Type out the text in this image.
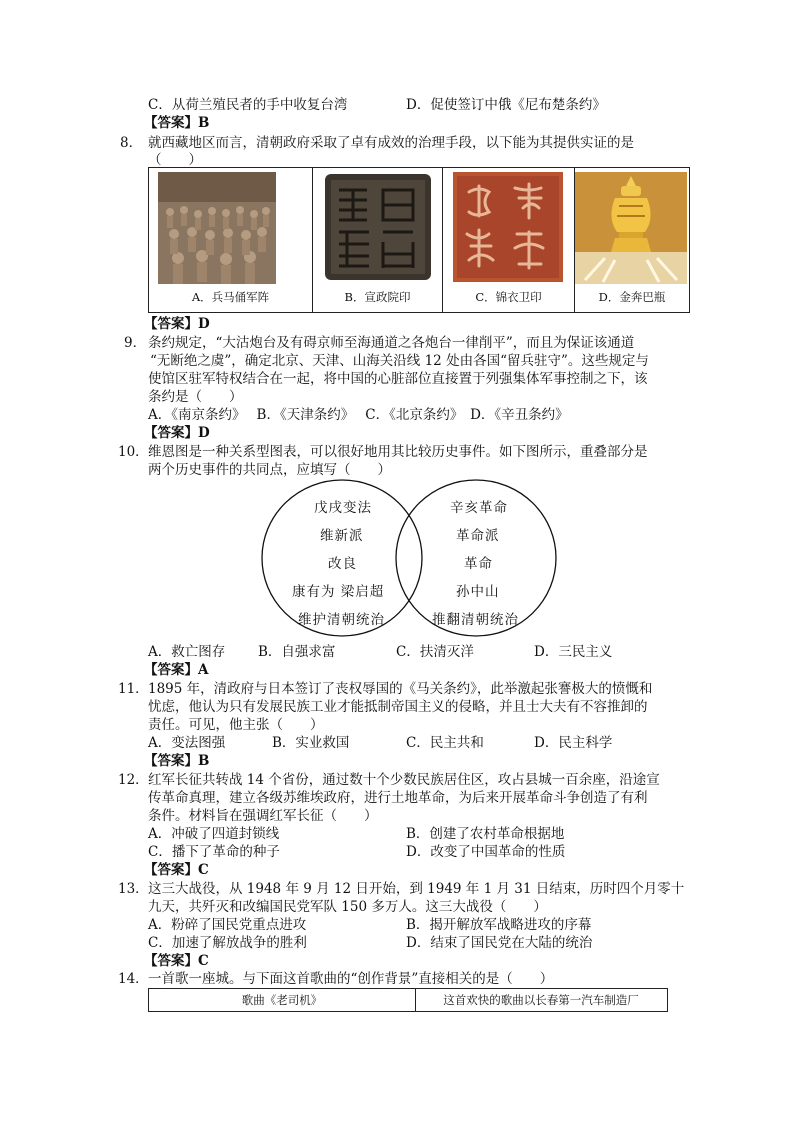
C．从荷兰殖民者的手中收复台湾	D．促使签订中俄《尼布楚条约》
【答案】B
8． 就西藏地区而言，清朝政府采取了卓有成效的治理手段，以下能为其提供实证的是
（　　）
A．兵马俑军阵	B．宣政院印	C．锦衣卫印	D．金奔巴瓶
【答案】D
9． 条约规定，“大沽炮台及有碍京师至海通道之各炮台一律削平”，而且为保证该通道
“无断绝之虞”，确定北京、天津、山海关沿线 12 处由各国“留兵驻守”。这些规定与
使馆区驻军特权结合在一起，将中国的心脏部位直接置于列强集体军事控制之下，该
条约是（　　）
A．《南京条约》　 B．《天津条约》　 C．《北京条约》　D．《辛丑条约》
【答案】D
10． 维恩图是一种关系型图表，可以很好地用其比较历史事件。如下图所示，重叠部分是
两个历史事件的共同点，应填写（　　）
戊戌变法
维新派
改良
康有为 梁启超
维护清朝统治
辛亥革命
革命派
革命
孙中山
推翻清朝统治
A．救亡图存 B．自强求富	C．扶清灭洋	D．三民主义
【答案】A
11． 1895 年，清政府与日本签订了丧权辱国的《马关条约》，此举激起张謇极大的愤慨和
忧虑，他认为只有发展民族工业才能抵制帝国主义的侵略，并且士大夫有不容推卸的
责任。可见，他主张（　　）
A．变法图强	B．实业救国	C．民主共和	D．民主科学
【答案】B
12． 红军长征共转战 14 个省份，通过数十个少数民族居住区，攻占县城一百余座，沿途宣
传革命真理，建立各级苏维埃政府，进行土地革命，为后来开展革命斗争创造了有利
条件。材料旨在强调红军长征（　　）
A．冲破了四道封锁线	B．创建了农村革命根据地
C．播下了革命的种子	D．改变了中国革命的性质
【答案】C
13． 这三大战役，从 1948 年 9 月 12 日开始，到 1949 年 1 月 31 日结束，历时四个月零十
九天，共歼灭和改编国民党军队 150 多万人。这三大战役（　　）
A．粉碎了国民党重点进攻	B．揭开解放军战略进攻的序幕
C．加速了解放战争的胜利	D．结束了国民党在大陆的统治
【答案】C
14． 一首歌一座城。与下面这首歌曲的“创作背景”直接相关的是（　　）
歌曲《老司机》	这首欢快的歌曲以长春第一汽车制造厂
